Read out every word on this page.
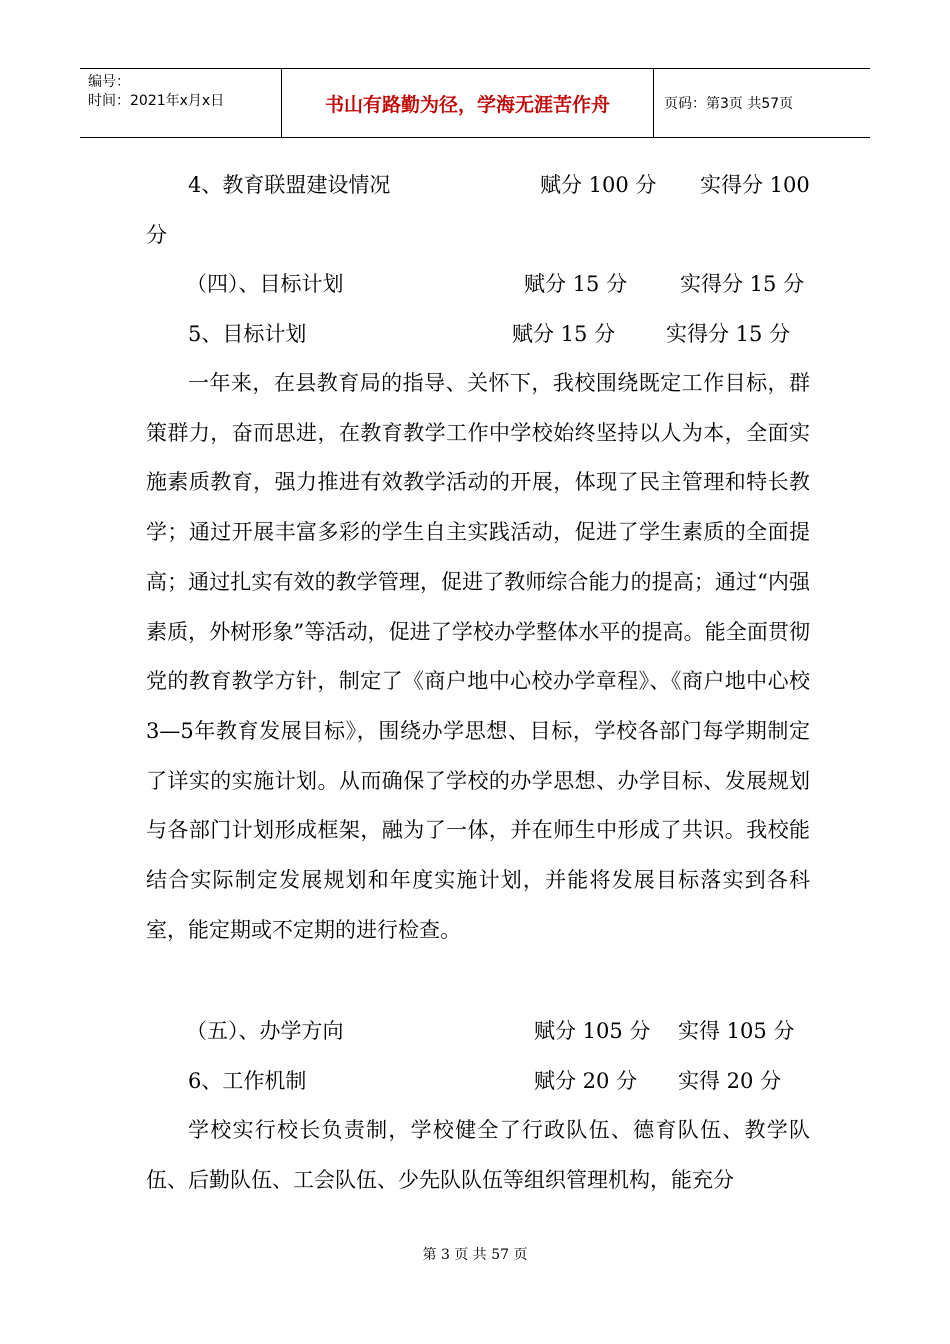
编号：
时间：2021年x月x日	书山有路勤为径，学海无涯苦作舟	页码：第3页 共57页
4、教育联盟建设情况	赋分 100 分 实得分 100
分
（四）、目标计划	赋分 15 分	实得分 15 分
5、目标计划	赋分 15 分 实得分 15 分
一年来，在县教育局的指导、关怀下，我校围绕既定工作目标，群策群力，奋而思进，在教育教学工作中学校始终坚持以人为本，全面实施素质教育，强力推进有效教学活动的开展，体现了民主管理和特长教学；通过开展丰富多彩的学生自主实践活动，促进了学生素质的全面提高；通过扎实有效的教学管理，促进了教师综合能力的提高；通过“内强素质，外树形象”等活动，促进了学校办学整体水平的提高。能全面贯彻党的教育教学方针，制定了《商户地中心校办学章程》、《商户地中心校3—5年教育发展目标》，围绕办学思想、目标，学校各部门每学期制定了详实的实施计划。从而确保了学校的办学思想、办学目标、发展规划与各部门计划形成框架，融为了一体，并在师生中形成了共识。我校能结合实际制定发展规划和年度实施计划，并能将发展目标落实到各科室，能定期或不定期的进行检查。
（五）、办学方向	赋分 105 分 实得 105 分
6、工作机制	赋分 20 分 实得 20 分
学校实行校长负责制，学校健全了行政队伍、德育队伍、教学队伍、后勤队伍、工会队伍、少先队队伍等组织管理机构，能充分
第 3 页 共 57 页
